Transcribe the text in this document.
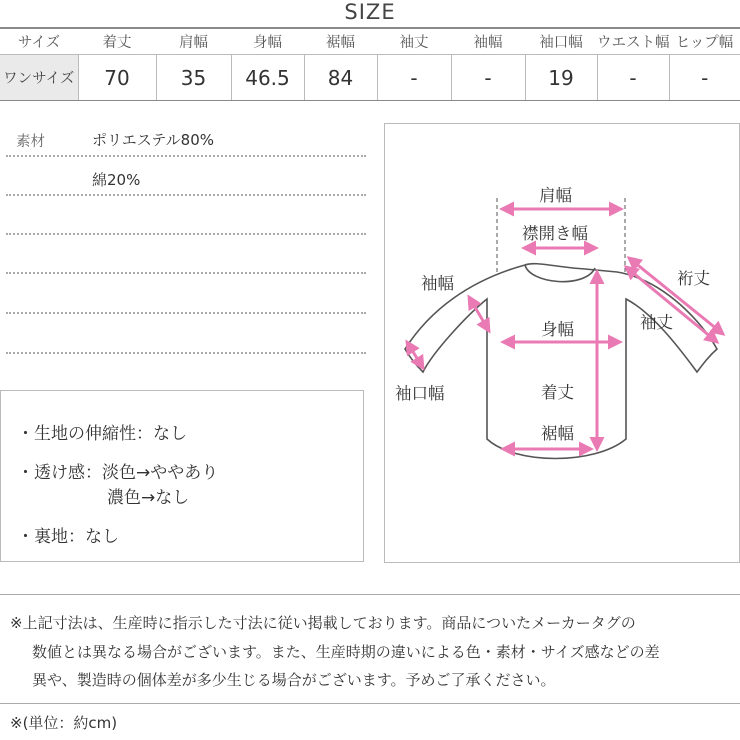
SIZE
サイズ	着丈	肩幅	身幅	裾幅	袖丈	袖幅	袖口幅	ウエスト幅	ヒップ幅
ワンサイズ	70	35	46.5	84	-	-	19	-	-
素材	ポリエステル80%
綿20%
・生地の伸縮性：なし
・透け感：淡色→ややあり
濃色→なし
・裏地：なし
肩幅
襟開き幅
裄丈
袖幅
袖丈
身幅
袖口幅	着丈
裾幅
※上記寸法は、生産時に指示した寸法に従い掲載しております。商品についたメーカータグの
数値とは異なる場合がございます。また、生産時期の違いによる色・素材・サイズ感などの差
異や、製造時の個体差が多少生じる場合がございます。予めご了承ください。
※(単位：約cm)
